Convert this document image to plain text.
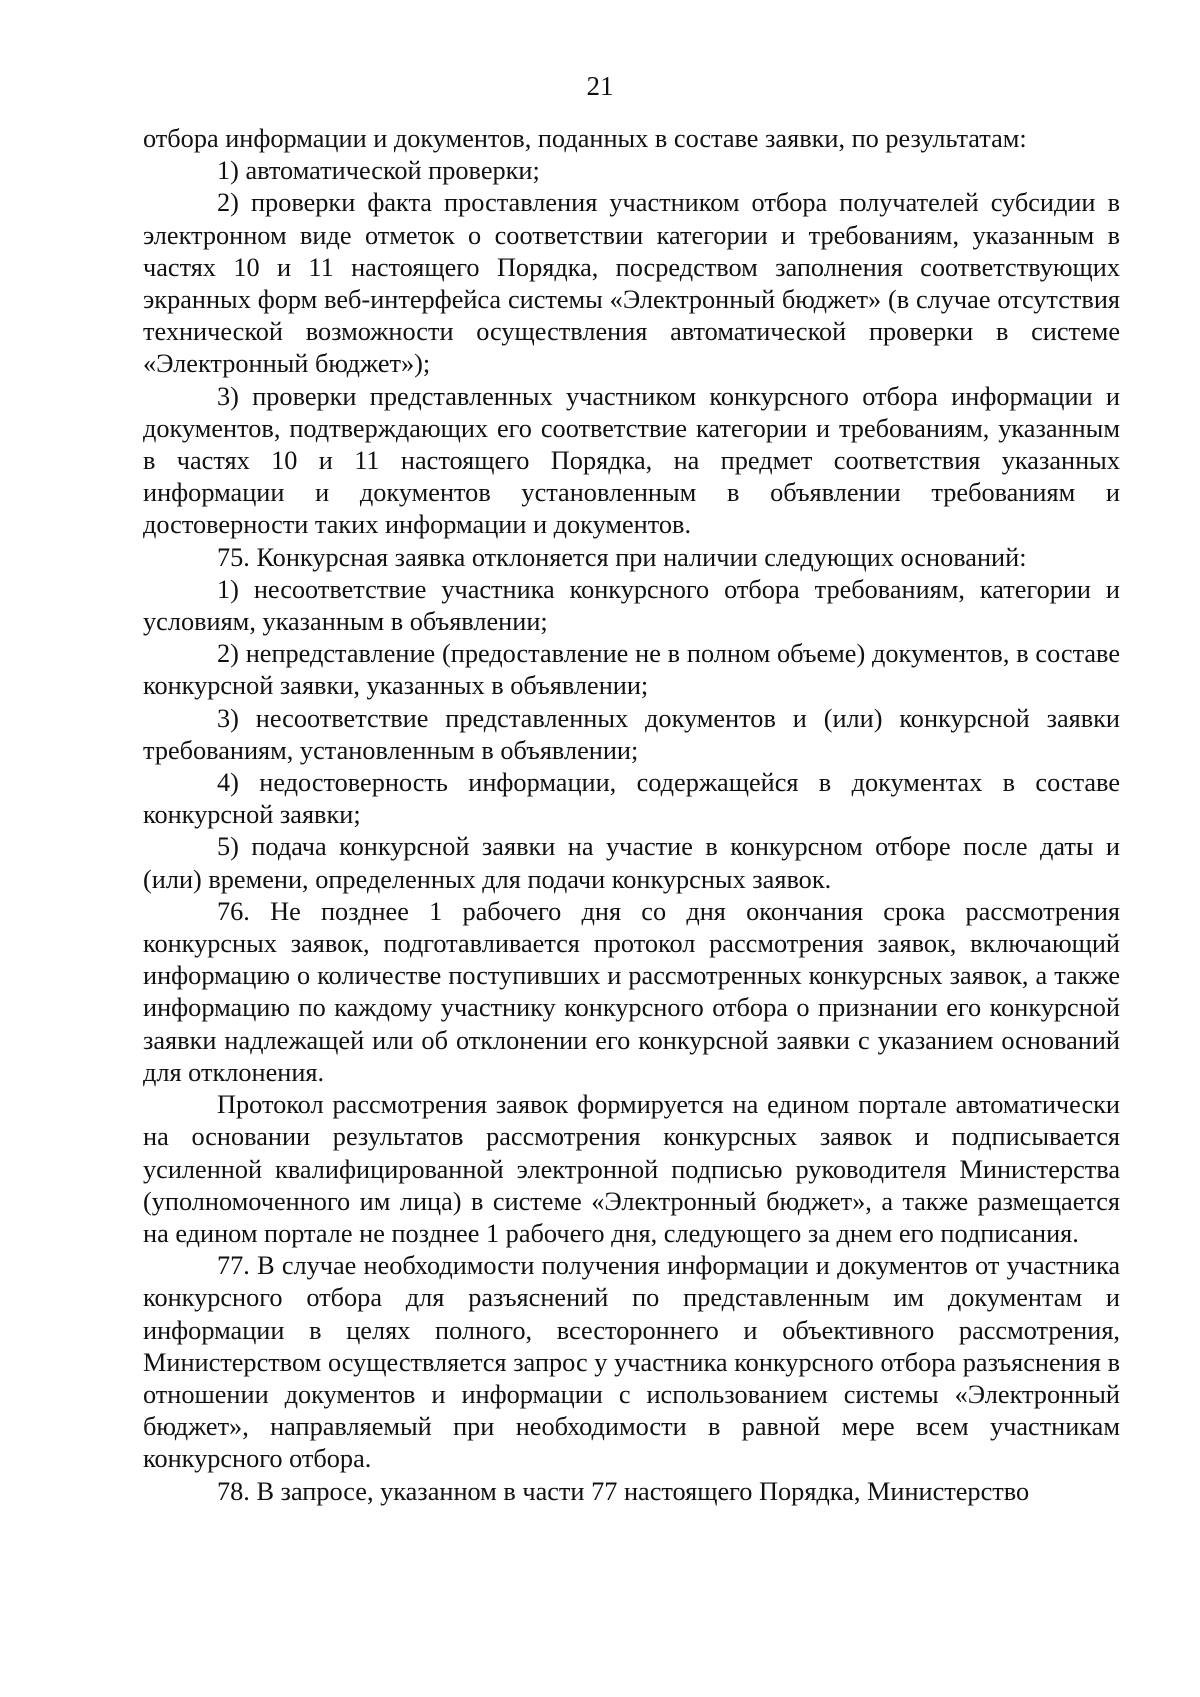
21

отбора информации и документов, поданных в составе заявки, по результатам:

1) автоматической проверки;

2) проверки факта проставления участником отбора получателей субсидии в электронном виде отметок о соответствии категории и требованиям, указанным в частях 10 и 11 настоящего Порядка, посредством заполнения соответствующих экранных форм веб-интерфейса системы «Электронный бюджет» (в случае отсутствия технической возможности осуществления автоматической проверки в системе «Электронный бюджет»);

3) проверки представленных участником конкурсного отбора информации и документов, подтверждающих его соответствие категории и требованиям, указанным в частях 10 и 11 настоящего Порядка, на предмет соответствия указанных информации и документов установленным в объявлении требованиям и достоверности таких информации и документов.

75. Конкурсная заявка отклоняется при наличии следующих оснований:

1) несоответствие участника конкурсного отбора требованиям, категории и условиям, указанным в объявлении;

2) непредставление (предоставление не в полном объеме) документов, в составе конкурсной заявки, указанных в объявлении;

3) несоответствие представленных документов и (или) конкурсной заявки требованиям, установленным в объявлении;

4) недостоверность информации, содержащейся в документах в составе конкурсной заявки;

5) подача конкурсной заявки на участие в конкурсном отборе после даты и (или) времени, определенных для подачи конкурсных заявок.

76. Не позднее 1 рабочего дня со дня окончания срока рассмотрения конкурсных заявок, подготавливается протокол рассмотрения заявок, включающий информацию о количестве поступивших и рассмотренных конкурсных заявок, а также информацию по каждому участнику конкурсного отбора о признании его конкурсной заявки надлежащей или об отклонении его конкурсной заявки с указанием оснований для отклонения.

Протокол рассмотрения заявок формируется на едином портале автоматически на основании результатов рассмотрения конкурсных заявок и подписывается усиленной квалифицированной электронной подписью руководителя Министерства (уполномоченного им лица) в системе «Электронный бюджет», а также размещается на едином портале не позднее 1 рабочего дня, следующего за днем его подписания.

77. В случае необходимости получения информации и документов от участника конкурсного отбора для разъяснений по представленным им документам и информации в целях полного, всестороннего и объективного рассмотрения, Министерством осуществляется запрос у участника конкурсного отбора разъяснения в отношении документов и информации с использованием системы «Электронный бюджет», направляемый при необходимости в равной мере всем участникам конкурсного отбора.

78. В запросе, указанном в части 77 настоящего Порядка, Министерство
